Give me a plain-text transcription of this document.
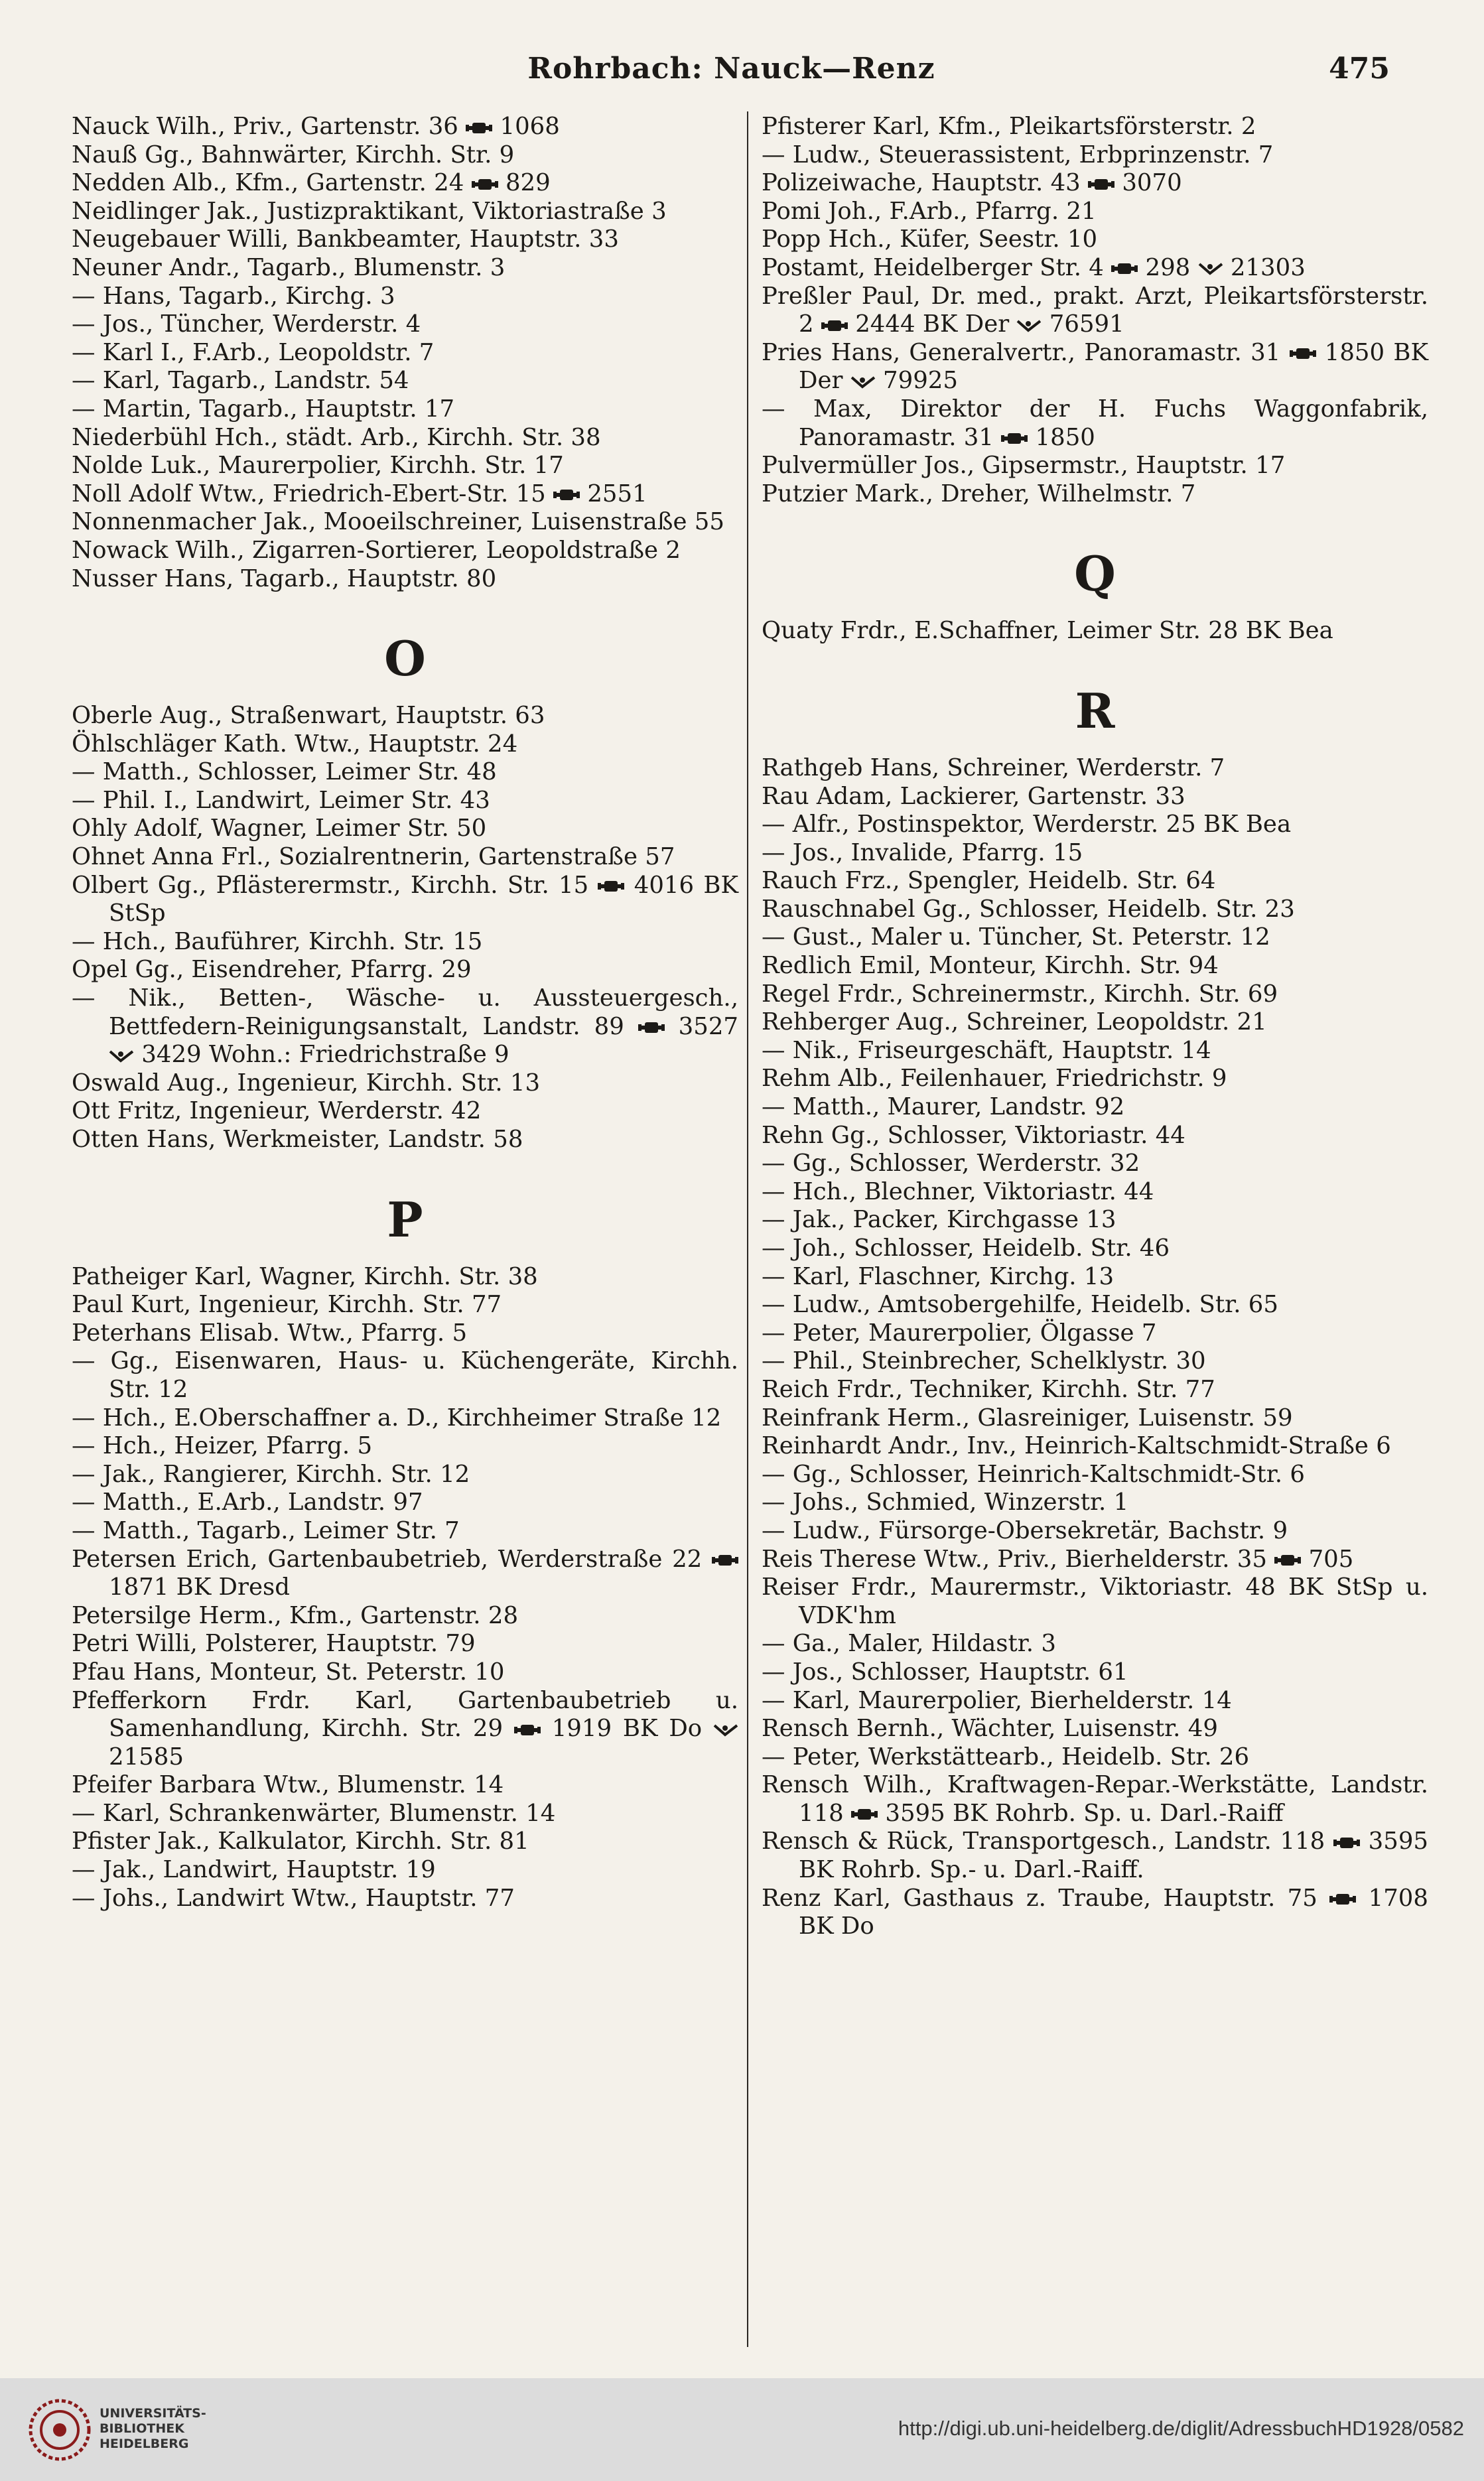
Rohrbach: Nauck—Renz	475
Nauck Wilh., Priv., Gartenstr. 36 1068
Nauß Gg., Bahnwärter, Kirchh. Str. 9
Nedden Alb., Kfm., Gartenstr. 24 829
Neidlinger Jak., Justizpraktikant, Viktoriastraße 3
Neugebauer Willi, Bankbeamter, Hauptstr. 33
Neuner Andr., Tagarb., Blumenstr. 3
— Hans, Tagarb., Kirchg. 3
— Jos., Tüncher, Werderstr. 4
— Karl I., F.Arb., Leopoldstr. 7
— Karl, Tagarb., Landstr. 54
— Martin, Tagarb., Hauptstr. 17
Niederbühl Hch., städt. Arb., Kirchh. Str. 38
Nolde Luk., Maurerpolier, Kirchh. Str. 17
Noll Adolf Wtw., Friedrich-Ebert-Str. 15 2551
Nonnenmacher Jak., Mooeilschreiner, Luisenstraße 55
Nowack Wilh., Zigarren-Sortierer, Leopoldstraße 2
Nusser Hans, Tagarb., Hauptstr. 80
O
Oberle Aug., Straßenwart, Hauptstr. 63
Öhlschläger Kath. Wtw., Hauptstr. 24
— Matth., Schlosser, Leimer Str. 48
— Phil. I., Landwirt, Leimer Str. 43
Ohly Adolf, Wagner, Leimer Str. 50
Ohnet Anna Frl., Sozialrentnerin, Gartenstraße 57
Olbert Gg., Pflästerermstr., Kirchh. Str. 15 4016 BK StSp
— Hch., Bauführer, Kirchh. Str. 15
Opel Gg., Eisendreher, Pfarrg. 29
— Nik., Betten-, Wäsche- u. Aussteuergesch., Bettfedern-Reinigungsanstalt, Landstr. 89 3527  3429 Wohn.: Friedrichstraße 9
Oswald Aug., Ingenieur, Kirchh. Str. 13
Ott Fritz, Ingenieur, Werderstr. 42
Otten Hans, Werkmeister, Landstr. 58
P
Patheiger Karl, Wagner, Kirchh. Str. 38
Paul Kurt, Ingenieur, Kirchh. Str. 77
Peterhans Elisab. Wtw., Pfarrg. 5
— Gg., Eisenwaren, Haus- u. Küchengeräte, Kirchh. Str. 12
— Hch., E.Oberschaffner a. D., Kirchheimer Straße 12
— Hch., Heizer, Pfarrg. 5
— Jak., Rangierer, Kirchh. Str. 12
— Matth., E.Arb., Landstr. 97
— Matth., Tagarb., Leimer Str. 7
Petersen Erich, Gartenbaubetrieb, Werderstraße 22  1871 BK Dresd
Petersilge Herm., Kfm., Gartenstr. 28
Petri Willi, Polsterer, Hauptstr. 79
Pfau Hans, Monteur, St. Peterstr. 10
Pfefferkorn Frdr. Karl, Gartenbaubetrieb u. Samenhandlung, Kirchh. Str. 29 1919 BK Do  21585
Pfeifer Barbara Wtw., Blumenstr. 14
— Karl, Schrankenwärter, Blumenstr. 14
Pfister Jak., Kalkulator, Kirchh. Str. 81
— Jak., Landwirt, Hauptstr. 19
— Johs., Landwirt Wtw., Hauptstr. 77
Pfisterer Karl, Kfm., Pleikartsförsterstr. 2
— Ludw., Steuerassistent, Erbprinzenstr. 7
Polizeiwache, Hauptstr. 43 3070
Pomi Joh., F.Arb., Pfarrg. 21
Popp Hch., Küfer, Seestr. 10
Postamt, Heidelberger Str. 4 298 21303
Preßler Paul, Dr. med., prakt. Arzt, Pleikartsförsterstr. 2 2444 BK Der 76591
Pries Hans, Generalvertr., Panoramastr. 31 1850 BK Der 79925
— Max, Direktor der H. Fuchs Waggonfabrik, Panoramastr. 31 1850
Pulvermüller Jos., Gipsermstr., Hauptstr. 17
Putzier Mark., Dreher, Wilhelmstr. 7
Q
Quaty Frdr., E.Schaffner, Leimer Str. 28 BK Bea
R
Rathgeb Hans, Schreiner, Werderstr. 7
Rau Adam, Lackierer, Gartenstr. 33
— Alfr., Postinspektor, Werderstr. 25 BK Bea
— Jos., Invalide, Pfarrg. 15
Rauch Frz., Spengler, Heidelb. Str. 64
Rauschnabel Gg., Schlosser, Heidelb. Str. 23
— Gust., Maler u. Tüncher, St. Peterstr. 12
Redlich Emil, Monteur, Kirchh. Str. 94
Regel Frdr., Schreinermstr., Kirchh. Str. 69
Rehberger Aug., Schreiner, Leopoldstr. 21
— Nik., Friseurgeschäft, Hauptstr. 14
Rehm Alb., Feilenhauer, Friedrichstr. 9
— Matth., Maurer, Landstr. 92
Rehn Gg., Schlosser, Viktoriastr. 44
— Gg., Schlosser, Werderstr. 32
— Hch., Blechner, Viktoriastr. 44
— Jak., Packer, Kirchgasse 13
— Joh., Schlosser, Heidelb. Str. 46
— Karl, Flaschner, Kirchg. 13
— Ludw., Amtsobergehilfe, Heidelb. Str. 65
— Peter, Maurerpolier, Ölgasse 7
— Phil., Steinbrecher, Schelklystr. 30
Reich Frdr., Techniker, Kirchh. Str. 77
Reinfrank Herm., Glasreiniger, Luisenstr. 59
Reinhardt Andr., Inv., Heinrich-Kaltschmidt-Straße 6
— Gg., Schlosser, Heinrich-Kaltschmidt-Str. 6
— Johs., Schmied, Winzerstr. 1
— Ludw., Fürsorge-Obersekretär, Bachstr. 9
Reis Therese Wtw., Priv., Bierhelderstr. 35 705
Reiser Frdr., Maurermstr., Viktoriastr. 48 BK StSp u. VDK'hm
— Ga., Maler, Hildastr. 3
— Jos., Schlosser, Hauptstr. 61
— Karl, Maurerpolier, Bierhelderstr. 14
Rensch Bernh., Wächter, Luisenstr. 49
— Peter, Werkstättearb., Heidelb. Str. 26
Rensch Wilh., Kraftwagen-Repar.-Werkstätte, Landstr. 118 3595 BK Rohrb. Sp. u. Darl.-Raiff
Rensch & Rück, Transportgesch., Landstr. 118 3595 BK Rohrb. Sp.- u. Darl.-Raiff.
Renz Karl, Gasthaus z. Traube, Hauptstr. 75 1708 BK Do
UNIVERSITÄTS-
BIBLIOTHEK
HEIDELBERG
http://digi.ub.uni-heidelberg.de/diglit/AdressbuchHD1928/0582
